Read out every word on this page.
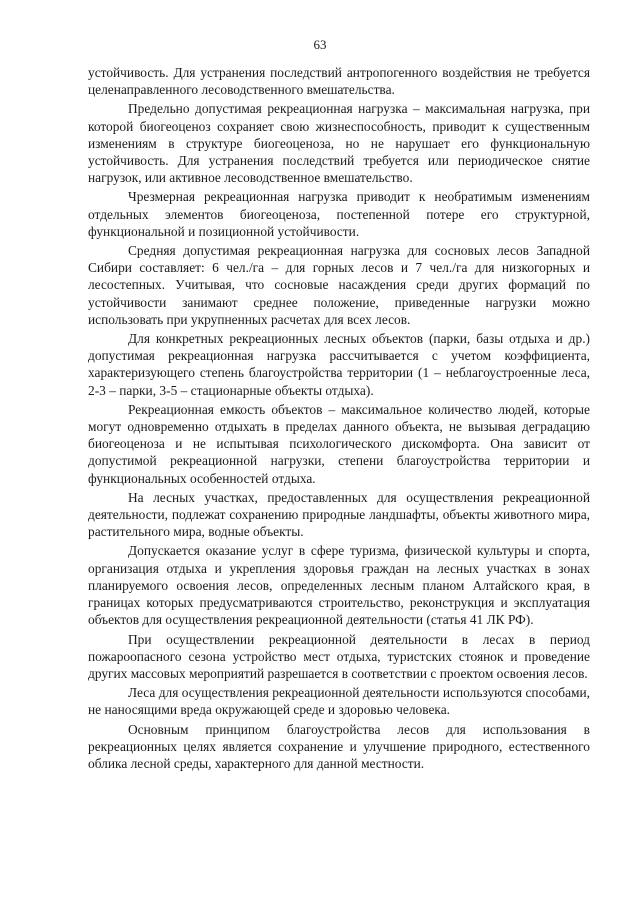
63

устойчивость. Для устранения последствий антропогенного воздействия не требуется целенаправленного лесоводственного вмешательства.

Предельно допустимая рекреационная нагрузка – максимальная нагрузка, при которой биогеоценоз сохраняет свою жизнеспособность, приводит к существенным изменениям в структуре биогеоценоза, но не нарушает его функциональную устойчивость. Для устранения последствий требуется или периодическое снятие нагрузок, или активное лесоводственное вмешательство.

Чрезмерная рекреационная нагрузка приводит к необратимым изменениям отдельных элементов биогеоценоза, постепенной потере его структурной, функциональной и позиционной устойчивости.

Средняя допустимая рекреационная нагрузка для сосновых лесов Западной Сибири составляет: 6 чел./га – для горных лесов и 7 чел./га для низкогорных и лесостепных. Учитывая, что сосновые насаждения среди других формаций по устойчивости занимают среднее положение, приведенные нагрузки можно использовать при укрупненных расчетах для всех лесов.

Для конкретных рекреационных лесных объектов (парки, базы отдыха и др.) допустимая рекреационная нагрузка рассчитывается с учетом коэффициента, характеризующего степень благоустройства территории (1 – неблагоустроенные леса, 2-3 – парки, 3-5 – стационарные объекты отдыха).

Рекреационная емкость объектов – максимальное количество людей, которые могут одновременно отдыхать в пределах данного объекта, не вызывая деградацию биогеоценоза и не испытывая психологического дискомфорта. Она зависит от допустимой рекреационной нагрузки, степени благоустройства территории и функциональных особенностей отдыха.

На лесных участках, предоставленных для осуществления рекреационной деятельности, подлежат сохранению природные ландшафты, объекты животного мира, растительного мира, водные объекты.

Допускается оказание услуг в сфере туризма, физической культуры и спорта, организация отдыха и укрепления здоровья граждан на лесных участках в зонах планируемого освоения лесов, определенных лесным планом Алтайского края, в границах которых предусматриваются строительство, реконструкция и эксплуатация объектов для осуществления рекреационной деятельности (статья 41 ЛК РФ).

При осуществлении рекреационной деятельности в лесах в период пожароопасного сезона устройство мест отдыха, туристских стоянок и проведение других массовых мероприятий разрешается в соответствии с проектом освоения лесов.

Леса для осуществления рекреационной деятельности используются способами, не наносящими вреда окружающей среде и здоровью человека.

Основным принципом благоустройства лесов для использования в рекреационных целях является сохранение и улучшение природного, естественного облика лесной среды, характерного для данной местности.
